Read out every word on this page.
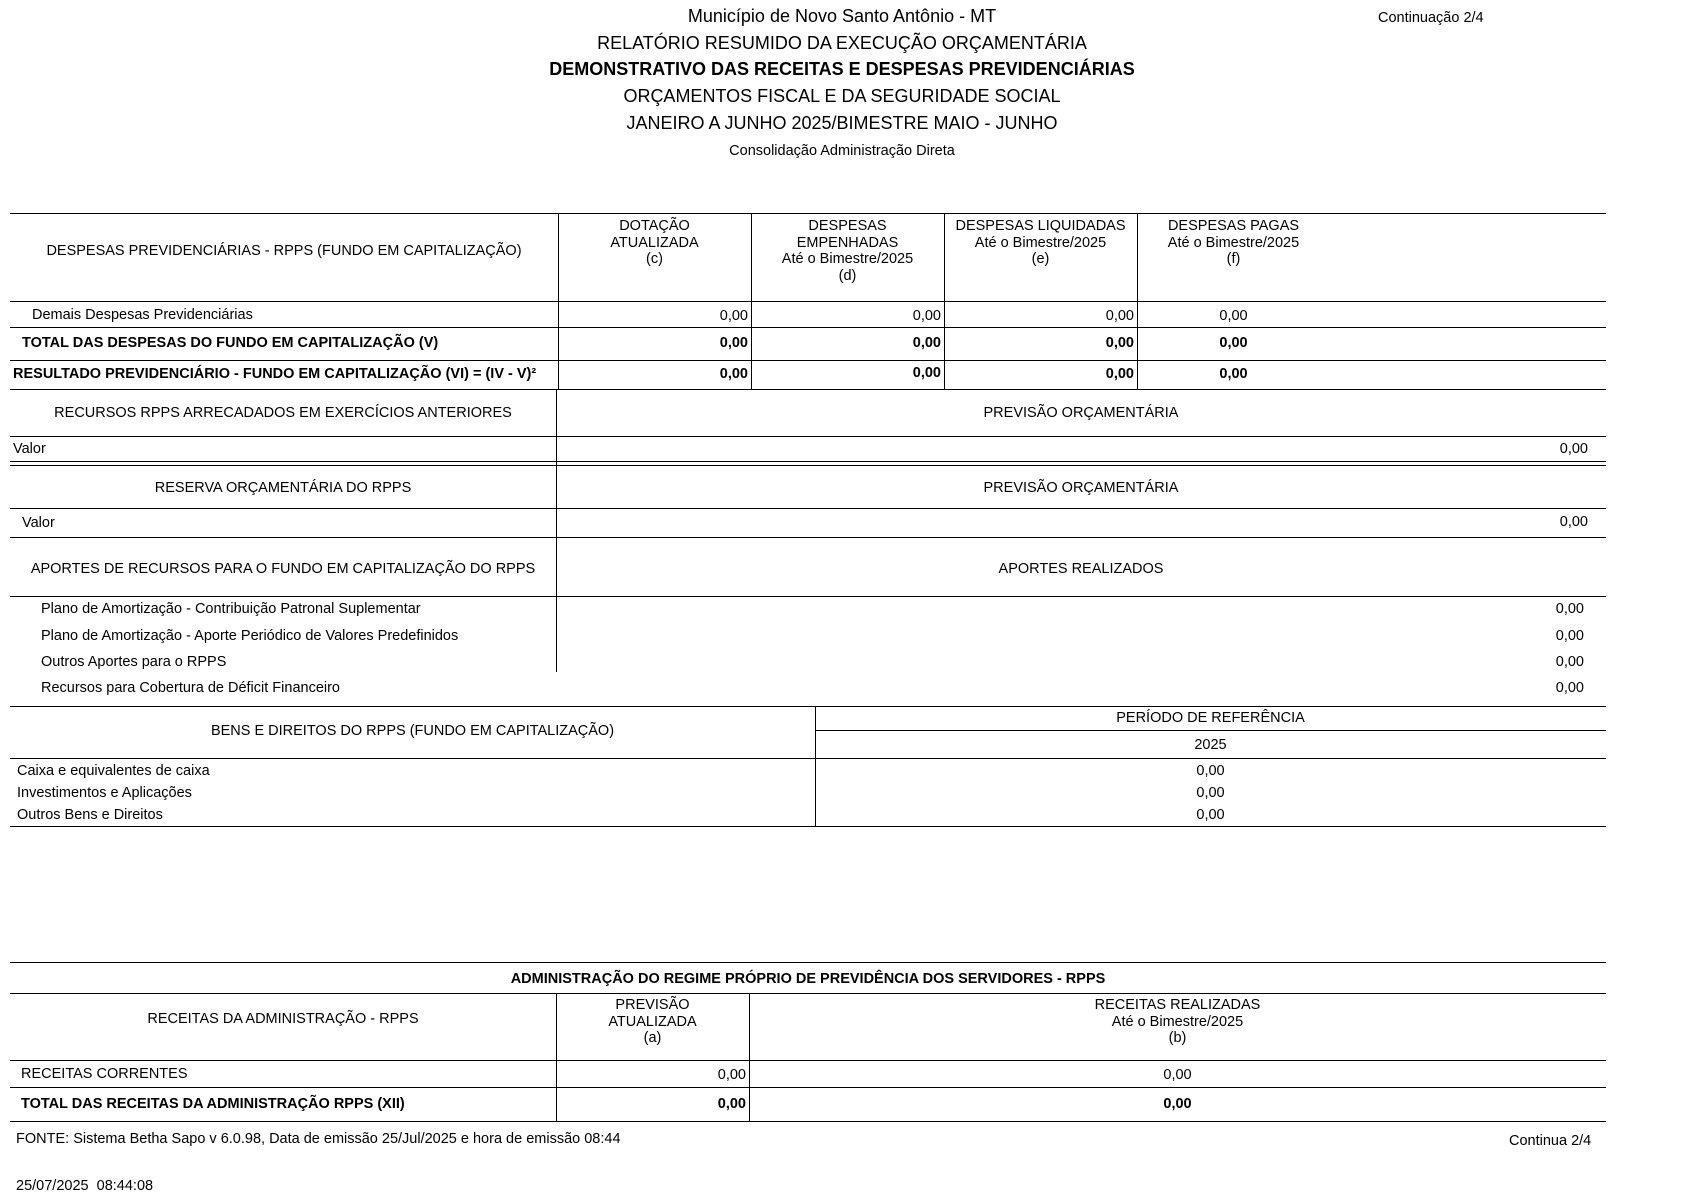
Município de Novo Santo Antônio - MT
RELATÓRIO RESUMIDO DA EXECUÇÃO ORÇAMENTÁRIA
DEMONSTRATIVO DAS RECEITAS E DESPESAS PREVIDENCIÁRIAS
ORÇAMENTOS FISCAL E DA SEGURIDADE SOCIAL
JANEIRO A JUNHO 2025/BIMESTRE MAIO - JUNHO
Consolidação Administração Direta
Continuação 2/4
DESPESAS PREVIDENCIÁRIAS - RPPS (FUNDO EM CAPITALIZAÇÃO)
DOTAÇÃO
ATUALIZADA
(c)
DESPESAS
EMPENHADAS
Até o Bimestre/2025
(d)
DESPESAS LIQUIDADAS
Até o Bimestre/2025
(e)
DESPESAS PAGAS
Até o Bimestre/2025
(f)
Demais Despesas Previdenciárias	0,00	0,00	0,00	0,00
TOTAL DAS DESPESAS DO FUNDO EM CAPITALIZAÇÃO (V)	0,00	0,00	0,00	0,00
RESULTADO PREVIDENCIÁRIO - FUNDO EM CAPITALIZAÇÃO (VI) = (IV - V)²	0,00	0,00	0,00	0,00
RECURSOS RPPS ARRECADADOS EM EXERCÍCIOS ANTERIORES	PREVISÃO ORÇAMENTÁRIA
Valor	0,00
RESERVA ORÇAMENTÁRIA DO RPPS	PREVISÃO ORÇAMENTÁRIA
Valor	0,00
APORTES DE RECURSOS PARA O FUNDO EM CAPITALIZAÇÃO DO RPPS	APORTES REALIZADOS
Plano de Amortização - Contribuição Patronal Suplementar	0,00
Plano de Amortização - Aporte Periódico de Valores Predefinidos	0,00
Outros Aportes para o RPPS	0,00
Recursos para Cobertura de Déficit Financeiro	0,00
BENS E DIREITOS DO RPPS (FUNDO EM CAPITALIZAÇÃO)
PERÍODO DE REFERÊNCIA
2025
Caixa e equivalentes de caixa	0,00
Investimentos e Aplicações	0,00
Outros Bens e Direitos	0,00
ADMINISTRAÇÃO DO REGIME PRÓPRIO DE PREVIDÊNCIA DOS SERVIDORES - RPPS
RECEITAS DA ADMINISTRAÇÃO - RPPS
PREVISÃO
ATUALIZADA
(a)
RECEITAS REALIZADAS
Até o Bimestre/2025
(b)
RECEITAS CORRENTES	0,00	0,00
TOTAL DAS RECEITAS DA ADMINISTRAÇÃO RPPS (XII)	0,00	0,00
FONTE: Sistema Betha Sapo v 6.0.98, Data de emissão 25/Jul/2025 e hora de emissão 08:44	Continua 2/4
25/07/2025  08:44:08
